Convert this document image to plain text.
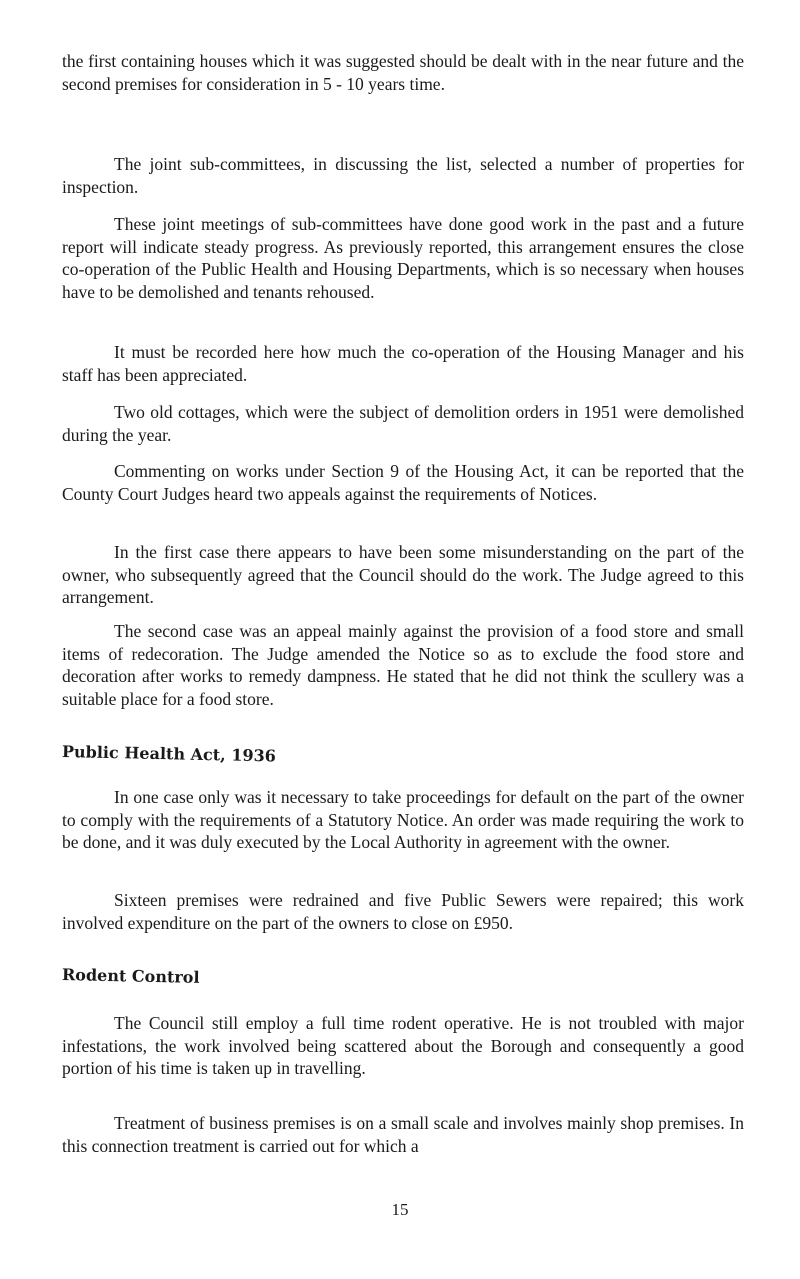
the first containing houses which it was suggested should be dealt with in the near future and the second premises for consideration in 5 - 10 years time.

The joint sub-committees, in discussing the list, selected a number of properties for inspection.

These joint meetings of sub-committees have done good work in the past and a future report will indicate steady progress. As previously reported, this arrangement ensures the close co-operation of the Public Health and Housing Departments, which is so necessary when houses have to be demolished and tenants rehoused.

It must be recorded here how much the co-operation of the Housing Manager and his staff has been appreciated.

Two old cottages, which were the subject of demolition orders in 1951 were demolished during the year.

Commenting on works under Section 9 of the Housing Act, it can be reported that the County Court Judges heard two appeals against the requirements of Notices.

In the first case there appears to have been some misunderstanding on the part of the owner, who subsequently agreed that the Council should do the work. The Judge agreed to this arrangement.

The second case was an appeal mainly against the provision of a food store and small items of redecoration. The Judge amended the Notice so as to exclude the food store and decoration after works to remedy dampness. He stated that he did not think the scullery was a suitable place for a food store.

Public Health Act, 1936

In one case only was it necessary to take proceedings for default on the part of the owner to comply with the requirements of a Statutory Notice. An order was made requiring the work to be done, and it was duly executed by the Local Authority in agreement with the owner.

Sixteen premises were redrained and five Public Sewers were repaired; this work involved expenditure on the part of the owners to close on £950.

Rodent Control

The Council still employ a full time rodent operative. He is not troubled with major infestations, the work involved being scattered about the Borough and consequently a good portion of his time is taken up in travelling.

Treatment of business premises is on a small scale and involves mainly shop premises. In this connection treatment is carried out for which a

15
